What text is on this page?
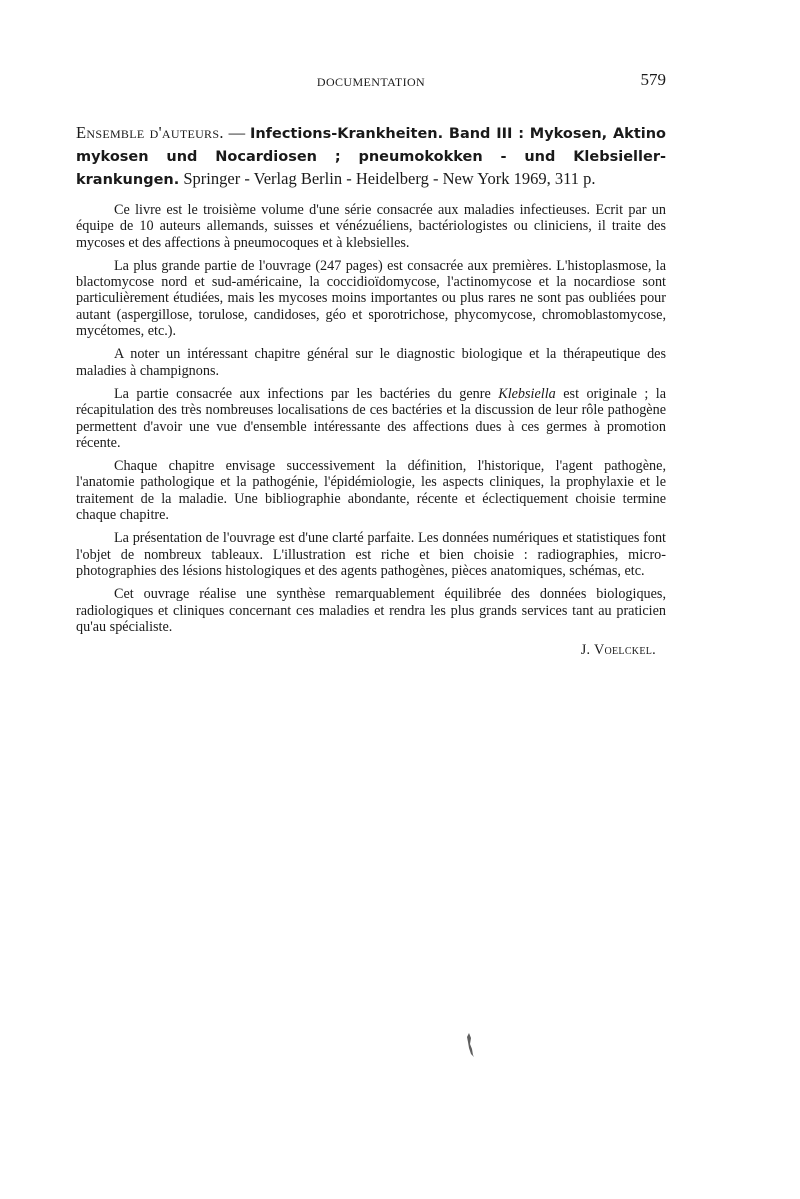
DOCUMENTATION	579

Ensemble d'auteurs. — Infections-Krankheiten. Band III : Mykosen, Aktino mykosen und Nocardiosen ; pneumokokken - und Klebsieller-krankungen. Springer - Verlag Berlin - Heidelberg - New York 1969, 311 p.

Ce livre est le troisième volume d'une série consacrée aux maladies infectieuses. Ecrit par un équipe de 10 auteurs allemands, suisses et vénézuéliens, bactériologistes ou cliniciens, il traite des mycoses et des affections à pneumocoques et à klebsielles.

La plus grande partie de l'ouvrage (247 pages) est consacrée aux premières. L'histoplasmose, la blactomycose nord et sud-américaine, la coccidioïdomycose, l'actinomycose et la nocardiose sont particulièrement étudiées, mais les mycoses moins importantes ou plus rares ne sont pas oubliées pour autant (aspergillose, torulose, candidoses, géo et sporotrichose, phycomycose, chromoblastomycose, mycétomes, etc.).

A noter un intéressant chapitre général sur le diagnostic biologique et la thérapeutique des maladies à champignons.

La partie consacrée aux infections par les bactéries du genre Klebsiella est originale ; la récapitulation des très nombreuses localisations de ces bactéries et la discussion de leur rôle pathogène permettent d'avoir une vue d'ensemble intéressante des affections dues à ces germes à promotion récente.

Chaque chapitre envisage successivement la définition, l'historique, l'agent pathogène, l'anatomie pathologique et la pathogénie, l'épidémiologie, les aspects cliniques, la prophylaxie et le traitement de la maladie. Une bibliographie abondante, récente et éclectiquement choisie termine chaque chapitre.

La présentation de l'ouvrage est d'une clarté parfaite. Les données numériques et statistiques font l'objet de nombreux tableaux. L'illustration est riche et bien choisie : radiographies, micro-photographies des lésions histologiques et des agents pathogènes, pièces anatomiques, schémas, etc.

Cet ouvrage réalise une synthèse remarquablement équilibrée des données biologiques, radiologiques et cliniques concernant ces maladies et rendra les plus grands services tant au praticien qu'au spécialiste.

J. Voelckel.
